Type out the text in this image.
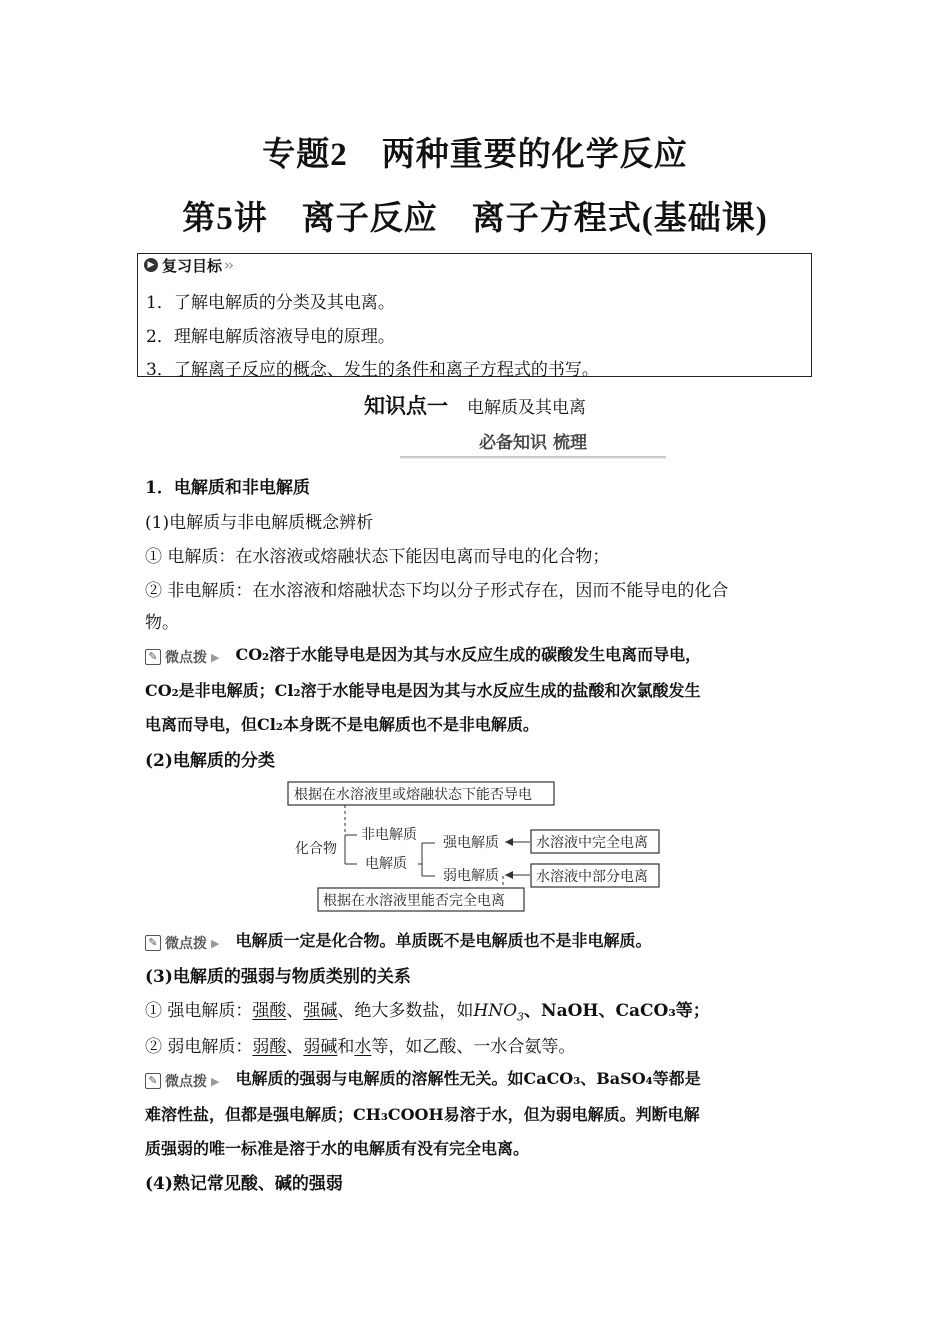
专题2　两种重要的化学反应
第5讲　离子反应　离子方程式(基础课)
▶ 复习目标 ››
1．了解电解质的分类及其电离。
2．理解电解质溶液导电的原理。
3．了解离子反应的概念、发生的条件和离子方程式的书写。
知识点一 电解质及其电离
必备知识 梳理
1．电解质和非电解质
(1)电解质与非电解质概念辨析
① 电解质：在水溶液或熔融状态下能因电离而导电的化合物；
② 非电解质：在水溶液和熔融状态下均以分子形式存在，因而不能导电的化合
物。
✎ 微点拨 ▶ CO₂溶于水能导电是因为其与水反应生成的碳酸发生电离而导电，
CO₂是非电解质；Cl₂溶于水能导电是因为其与水反应生成的盐酸和次氯酸发生
电离而导电，但Cl₂本身既不是电解质也不是非电解质。
(2)电解质的分类
根据在水溶液里或熔融状态下能否导电
化合物
非电解质
电解质
强电解质
弱电解质
水溶液中完全电离
水溶液中部分电离
根据在水溶液里能否完全电离
✎ 微点拨 ▶ 电解质一定是化合物。单质既不是电解质也不是非电解质。
(3)电解质的强弱与物质类别的关系
① 强电解质：强酸、强碱、绝大多数盐，如$HNO_3$、NaOH、CaCO₃等；
② 弱电解质：弱酸、弱碱和水等，如乙酸、一水合氨等。
✎ 微点拨 ▶ 电解质的强弱与电解质的溶解性无关。如CaCO₃、BaSO₄等都是
难溶性盐，但都是强电解质；CH₃COOH易溶于水，但为弱电解质。判断电解
质强弱的唯一标准是溶于水的电解质有没有完全电离。
(4)熟记常见酸、碱的强弱
